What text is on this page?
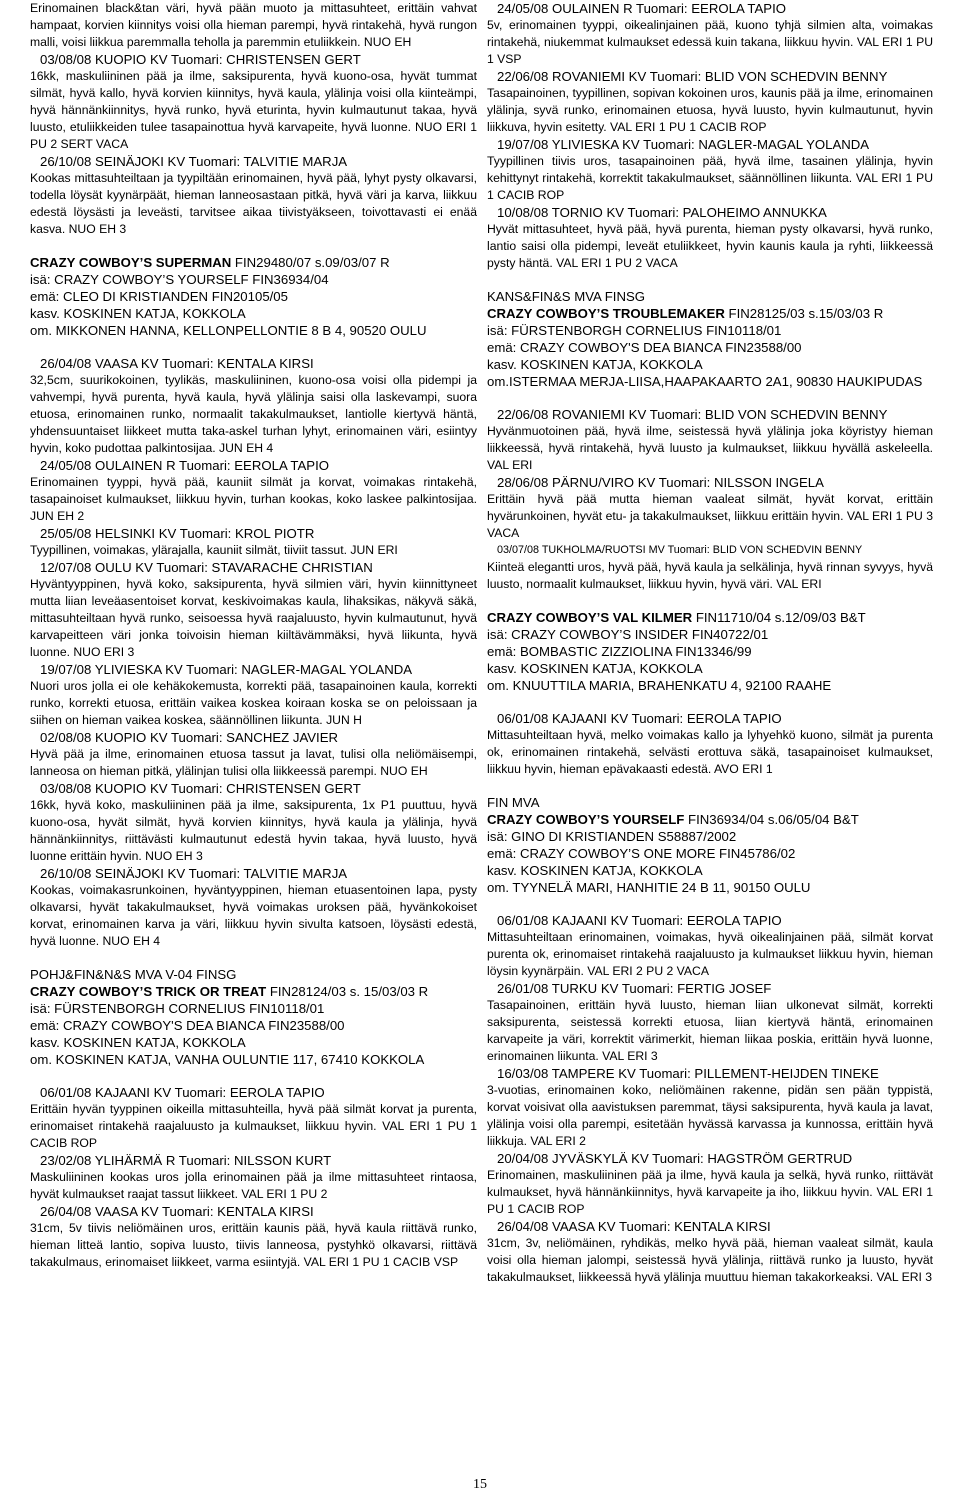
Erinomainen black&tan väri, hyvä pään muoto ja mittasuhteet, erittäin vahvat hampaat, korvien kiinnitys voisi olla hieman parempi, hyvä rintakehä, hyvä rungon malli, voisi liikkua paremmalla teholla ja paremmin etuliikkein. NUO EH

03/08/08 KUOPIO KV Tuomari: CHRISTENSEN GERT
16kk, maskuliininen pää ja ilme, saksipurenta, hyvä kuono-osa, hyvät tummat silmät, hyvä kallo, hyvä korvien kiinnitys, hyvä kaula, ylälinja voisi olla kiinteämpi, hyvä hännänkiinnitys, hyvä runko, hyvä eturinta, hyvin kulmautunut takaa, hyvä luusto, etuliikkeiden tulee tasapainottua hyvä karvapeite, hyvä luonne. NUO ERI 1 PU 2 SERT VACA

26/10/08 SEINÄJOKI KV Tuomari: TALVITIE MARJA
Kookas mittasuhteiltaan ja tyypiltään erinomainen, hyvä pää, lyhyt pysty olkavarsi, todella löysät kyynärpäät, hieman lanneosastaan pitkä, hyvä väri ja karva, liikkuu edestä löysästi ja leveästi, tarvitsee aikaa tiivistyäkseen, toivottavasti ei enää kasva. NUO EH 3

CRAZY COWBOY’S SUPERMAN FIN29480/07 s.09/03/07 R

isä: CRAZY COWBOY’S YOURSELF FIN36934/04

emä: CLEO DI KRISTIANDEN FIN20105/05

kasv. KOSKINEN KATJA, KOKKOLA

om. MIKKONEN HANNA, KELLONPELLONTIE 8 B 4, 90520 OULU

26/04/08 VAASA KV Tuomari: KENTALA KIRSI
32,5cm, suurikokoinen, tyylikäs, maskuliininen, kuono-osa voisi olla pidempi ja vahvempi, hyvä purenta, hyvä kaula, hyvä ylälinja saisi olla laskevampi, suora etuosa, erinomainen runko, normaalit takakulmaukset, lantiolle kiertyvä häntä, yhdensuuntaiset liikkeet mutta taka-askel turhan lyhyt, erinomainen väri, esiintyy hyvin, koko pudottaa palkintosijaa. JUN EH 4

24/05/08 OULAINEN R Tuomari: EEROLA TAPIO
Erinomainen tyyppi, hyvä pää, kauniit silmät ja korvat, voimakas rintakehä, tasapainoiset kulmaukset, liikkuu hyvin, turhan kookas, koko laskee palkintosijaa. JUN EH 2

25/05/08 HELSINKI KV Tuomari: KROL PIOTR
Tyypillinen, voimakas, ylärajalla, kauniit silmät, tiiviit tassut. JUN ERI

12/07/08 OULU KV Tuomari: STAVARACHE CHRISTIAN
Hyväntyyppinen, hyvä koko, saksipurenta, hyvä silmien väri, hyvin kiinnittyneet mutta liian leveäasentoiset korvat, keskivoimakas kaula, lihaksikas, näkyvä säkä, mittasuhteiltaan hyvä runko, seisoessa hyvä raajaluusto, hyvin kulmautunut, hyvä karvapeitteen väri jonka toivoisin hieman kiiltävämmäksi, hyvä liikunta, hyvä luonne. NUO ERI 3

19/07/08 YLIVIESKA KV Tuomari: NAGLER-MAGAL YOLANDA
Nuori uros jolla ei ole kehäkokemusta, korrekti pää, tasapainoinen kaula, korrekti runko, korrekti etuosa, erittäin vaikea koskea koiraan koska se on peloissaan ja siihen on hieman vaikea koskea, säännöllinen liikunta. JUN H

02/08/08 KUOPIO KV Tuomari: SANCHEZ JAVIER
Hyvä pää ja ilme, erinomainen etuosa tassut ja lavat, tulisi olla neliömäisempi, lanneosa on hieman pitkä, ylälinjan tulisi olla liikkeessä parempi. NUO EH

03/08/08 KUOPIO KV Tuomari: CHRISTENSEN GERT
16kk, hyvä koko, maskuliininen pää ja ilme, saksipurenta, 1x P1 puuttuu, hyvä kuono-osa, hyvät silmät, hyvä korvien kiinnitys, hyvä kaula ja ylälinja, hyvä hännänkiinnitys, riittävästi kulmautunut edestä hyvin takaa, hyvä luusto, hyvä luonne erittäin hyvin. NUO EH 3

26/10/08 SEINÄJOKI KV Tuomari: TALVITIE MARJA
Kookas, voimakasrunkoinen, hyväntyyppinen, hieman etuasentoinen lapa, pysty olkavarsi, hyvät takakulmaukset, hyvä voimakas uroksen pää, hyvänkokoiset korvat, erinomainen karva ja väri, liikkuu hyvin sivulta katsoen, löysästi edestä, hyvä luonne. NUO EH 4

POHJ&FIN&N&S MVA V-04 FINSG

CRAZY COWBOY’S TRICK OR TREAT FIN28124/03 s. 15/03/03 R

isä: FÜRSTENBORGH CORNELIUS FIN10118/01

emä: CRAZY COWBOY'S DEA BIANCA FIN23588/00

kasv. KOSKINEN KATJA, KOKKOLA

om. KOSKINEN KATJA, VANHA OULUNTIE 117, 67410 KOKKOLA

06/01/08 KAJAANI KV Tuomari: EEROLA TAPIO
Erittäin hyvän tyyppinen oikeilla mittasuhteilla, hyvä pää silmät korvat ja purenta, erinomaiset rintakehä raajaluusto ja kulmaukset, liikkuu hyvin. VAL ERI 1 PU 1 CACIB ROP

23/02/08 YLIHÄRMÄ R Tuomari: NILSSON KURT
Maskuliininen kookas uros jolla erinomainen pää ja ilme mittasuhteet rintaosa, hyvät kulmaukset raajat tassut liikkeet. VAL ERI 1 PU 2

26/04/08 VAASA KV Tuomari: KENTALA KIRSI
31cm, 5v tiivis neliömäinen uros, erittäin kaunis pää, hyvä kaula riittävä runko, hieman litteä lantio, sopiva luusto, tiivis lanneosa, pystyhkö olkavarsi, riittävä takakulmaus, erinomaiset liikkeet, varma esiintyjä. VAL ERI 1 PU 1 CACIB VSP

24/05/08 OULAINEN R Tuomari: EEROLA TAPIO
5v, erinomainen tyyppi, oikealinjainen pää, kuono tyhjä silmien alta, voimakas rintakehä, niukemmat kulmaukset edessä kuin takana, liikkuu hyvin. VAL ERI 1 PU 1 VSP

22/06/08 ROVANIEMI KV Tuomari: BLID VON SCHEDVIN BENNY
Tasapainoinen, tyypillinen, sopivan kokoinen uros, kaunis pää ja ilme, erinomainen ylälinja, syvä runko, erinomainen etuosa, hyvä luusto, hyvin kulmautunut, hyvin liikkuva, hyvin esitetty. VAL ERI 1 PU 1 CACIB ROP

19/07/08 YLIVIESKA KV Tuomari: NAGLER-MAGAL YOLANDA
Tyypillinen tiivis uros, tasapainoinen pää, hyvä ilme, tasainen ylälinja, hyvin kehittynyt rintakehä, korrektit takakulmaukset, säännöllinen liikunta. VAL ERI 1 PU 1 CACIB ROP

10/08/08 TORNIO KV Tuomari: PALOHEIMO ANNUKKA
Hyvät mittasuhteet, hyvä pää, hyvä purenta, hieman pysty olkavarsi, hyvä runko, lantio saisi olla pidempi, leveät etuliikkeet, hyvin kaunis kaula ja ryhti, liikkeessä pysty häntä. VAL ERI 1 PU 2 VACA

KANS&FIN&S MVA FINSG

CRAZY COWBOY’S TROUBLEMAKER FIN28125/03 s.15/03/03 R

isä: FÜRSTENBORGH CORNELIUS FIN10118/01

emä: CRAZY COWBOY'S DEA BIANCA FIN23588/00

kasv. KOSKINEN KATJA, KOKKOLA

om.ISTERMAA MERJA-LIISA,HAAPAKAARTO 2A1, 90830 HAUKIPUDAS

22/06/08 ROVANIEMI KV Tuomari: BLID VON SCHEDVIN BENNY
Hyvänmuotoinen pää, hyvä ilme, seistessä hyvä ylälinja joka köyristyy hieman liikkeessä, hyvä rintakehä, hyvä luusto ja kulmaukset, liikkuu hyvällä askeleella. VAL ERI

28/06/08 PÄRNU/VIRO KV Tuomari: NILSSON INGELA
Erittäin hyvä pää mutta hieman vaaleat silmät, hyvät korvat, erittäin hyvärunkoinen, hyvät etu- ja takakulmaukset, liikkuu erittäin hyvin. VAL ERI 1 PU 3 VACA

03/07/08 TUKHOLMA/RUOTSI MV Tuomari: BLID VON SCHEDVIN BENNY
Kiinteä elegantti uros, hyvä pää, hyvä kaula ja selkälinja, hyvä rinnan syvyys, hyvä luusto, normaalit kulmaukset, liikkuu hyvin, hyvä väri. VAL ERI

CRAZY COWBOY’S VAL KILMER FIN11710/04 s.12/09/03 B&T

isä: CRAZY COWBOY’S INSIDER FIN40722/01

emä: BOMBASTIC ZIZZIOLINA FIN13346/99

kasv. KOSKINEN KATJA, KOKKOLA

om. KNUUTTILA MARIA, BRAHENKATU 4, 92100 RAAHE

06/01/08 KAJAANI KV Tuomari: EEROLA TAPIO
Mittasuhteiltaan hyvä, melko voimakas kallo ja lyhyehkö kuono, silmät ja purenta ok, erinomainen rintakehä, selvästi erottuva säkä, tasapainoiset kulmaukset, liikkuu hyvin, hieman epävakaasti edestä. AVO ERI 1

FIN MVA

CRAZY COWBOY’S YOURSELF FIN36934/04 s.06/05/04 B&T

isä: GINO DI KRISTIANDEN S58887/2002

emä: CRAZY COWBOY’S ONE MORE FIN45786/02

kasv. KOSKINEN KATJA, KOKKOLA

om. TYYNELÄ MARI, HANHITIE 24 B 11, 90150 OULU

06/01/08 KAJAANI KV Tuomari: EEROLA TAPIO
Mittasuhteiltaan erinomainen, voimakas, hyvä oikealinjainen pää, silmät korvat purenta ok, erinomaiset rintakehä raajaluusto ja kulmaukset liikkuu hyvin, hieman löysin kyynärpäin. VAL ERI 2 PU 2 VACA

26/01/08 TURKU KV Tuomari: FERTIG JOSEF
Tasapainoinen, erittäin hyvä luusto, hieman liian ulkonevat silmät, korrekti saksipurenta, seistessä korrekti etuosa, liian kiertyvä häntä, erinomainen karvapeite ja väri, korrektit värimerkit, hieman liikaa poskia, erittäin hyvä luonne, erinomainen liikunta. VAL ERI 3

16/03/08 TAMPERE KV Tuomari: PILLEMENT-HEIJDEN TINEKE
3-vuotias, erinomainen koko, neliömäinen rakenne, pidän sen pään typpistä, korvat voisivat olla aavistuksen paremmat, täysi saksipurenta, hyvä kaula ja lavat, ylälinja voisi olla parempi, esitetään hyvässä karvassa ja kunnossa, erittäin hyvä liikkuja. VAL ERI 2

20/04/08 JYVÄSKYLÄ KV Tuomari: HAGSTRÖM GERTRUD
Erinomainen, maskuliininen pää ja ilme, hyvä kaula ja selkä, hyvä runko, riittävät kulmaukset, hyvä hännänkiinnitys, hyvä karvapeite ja iho, liikkuu hyvin. VAL ERI 1 PU 1 CACIB ROP

26/04/08 VAASA KV Tuomari: KENTALA KIRSI
31cm, 3v, neliömäinen, ryhdikäs, melko hyvä pää, hieman vaaleat silmät, kaula voisi olla hieman jalompi, seistessä hyvä ylälinja, riittävä runko ja luusto, hyvät takakulmaukset, liikkeessä hyvä ylälinja muuttuu hieman takakorkeaksi. VAL ERI 3

15
